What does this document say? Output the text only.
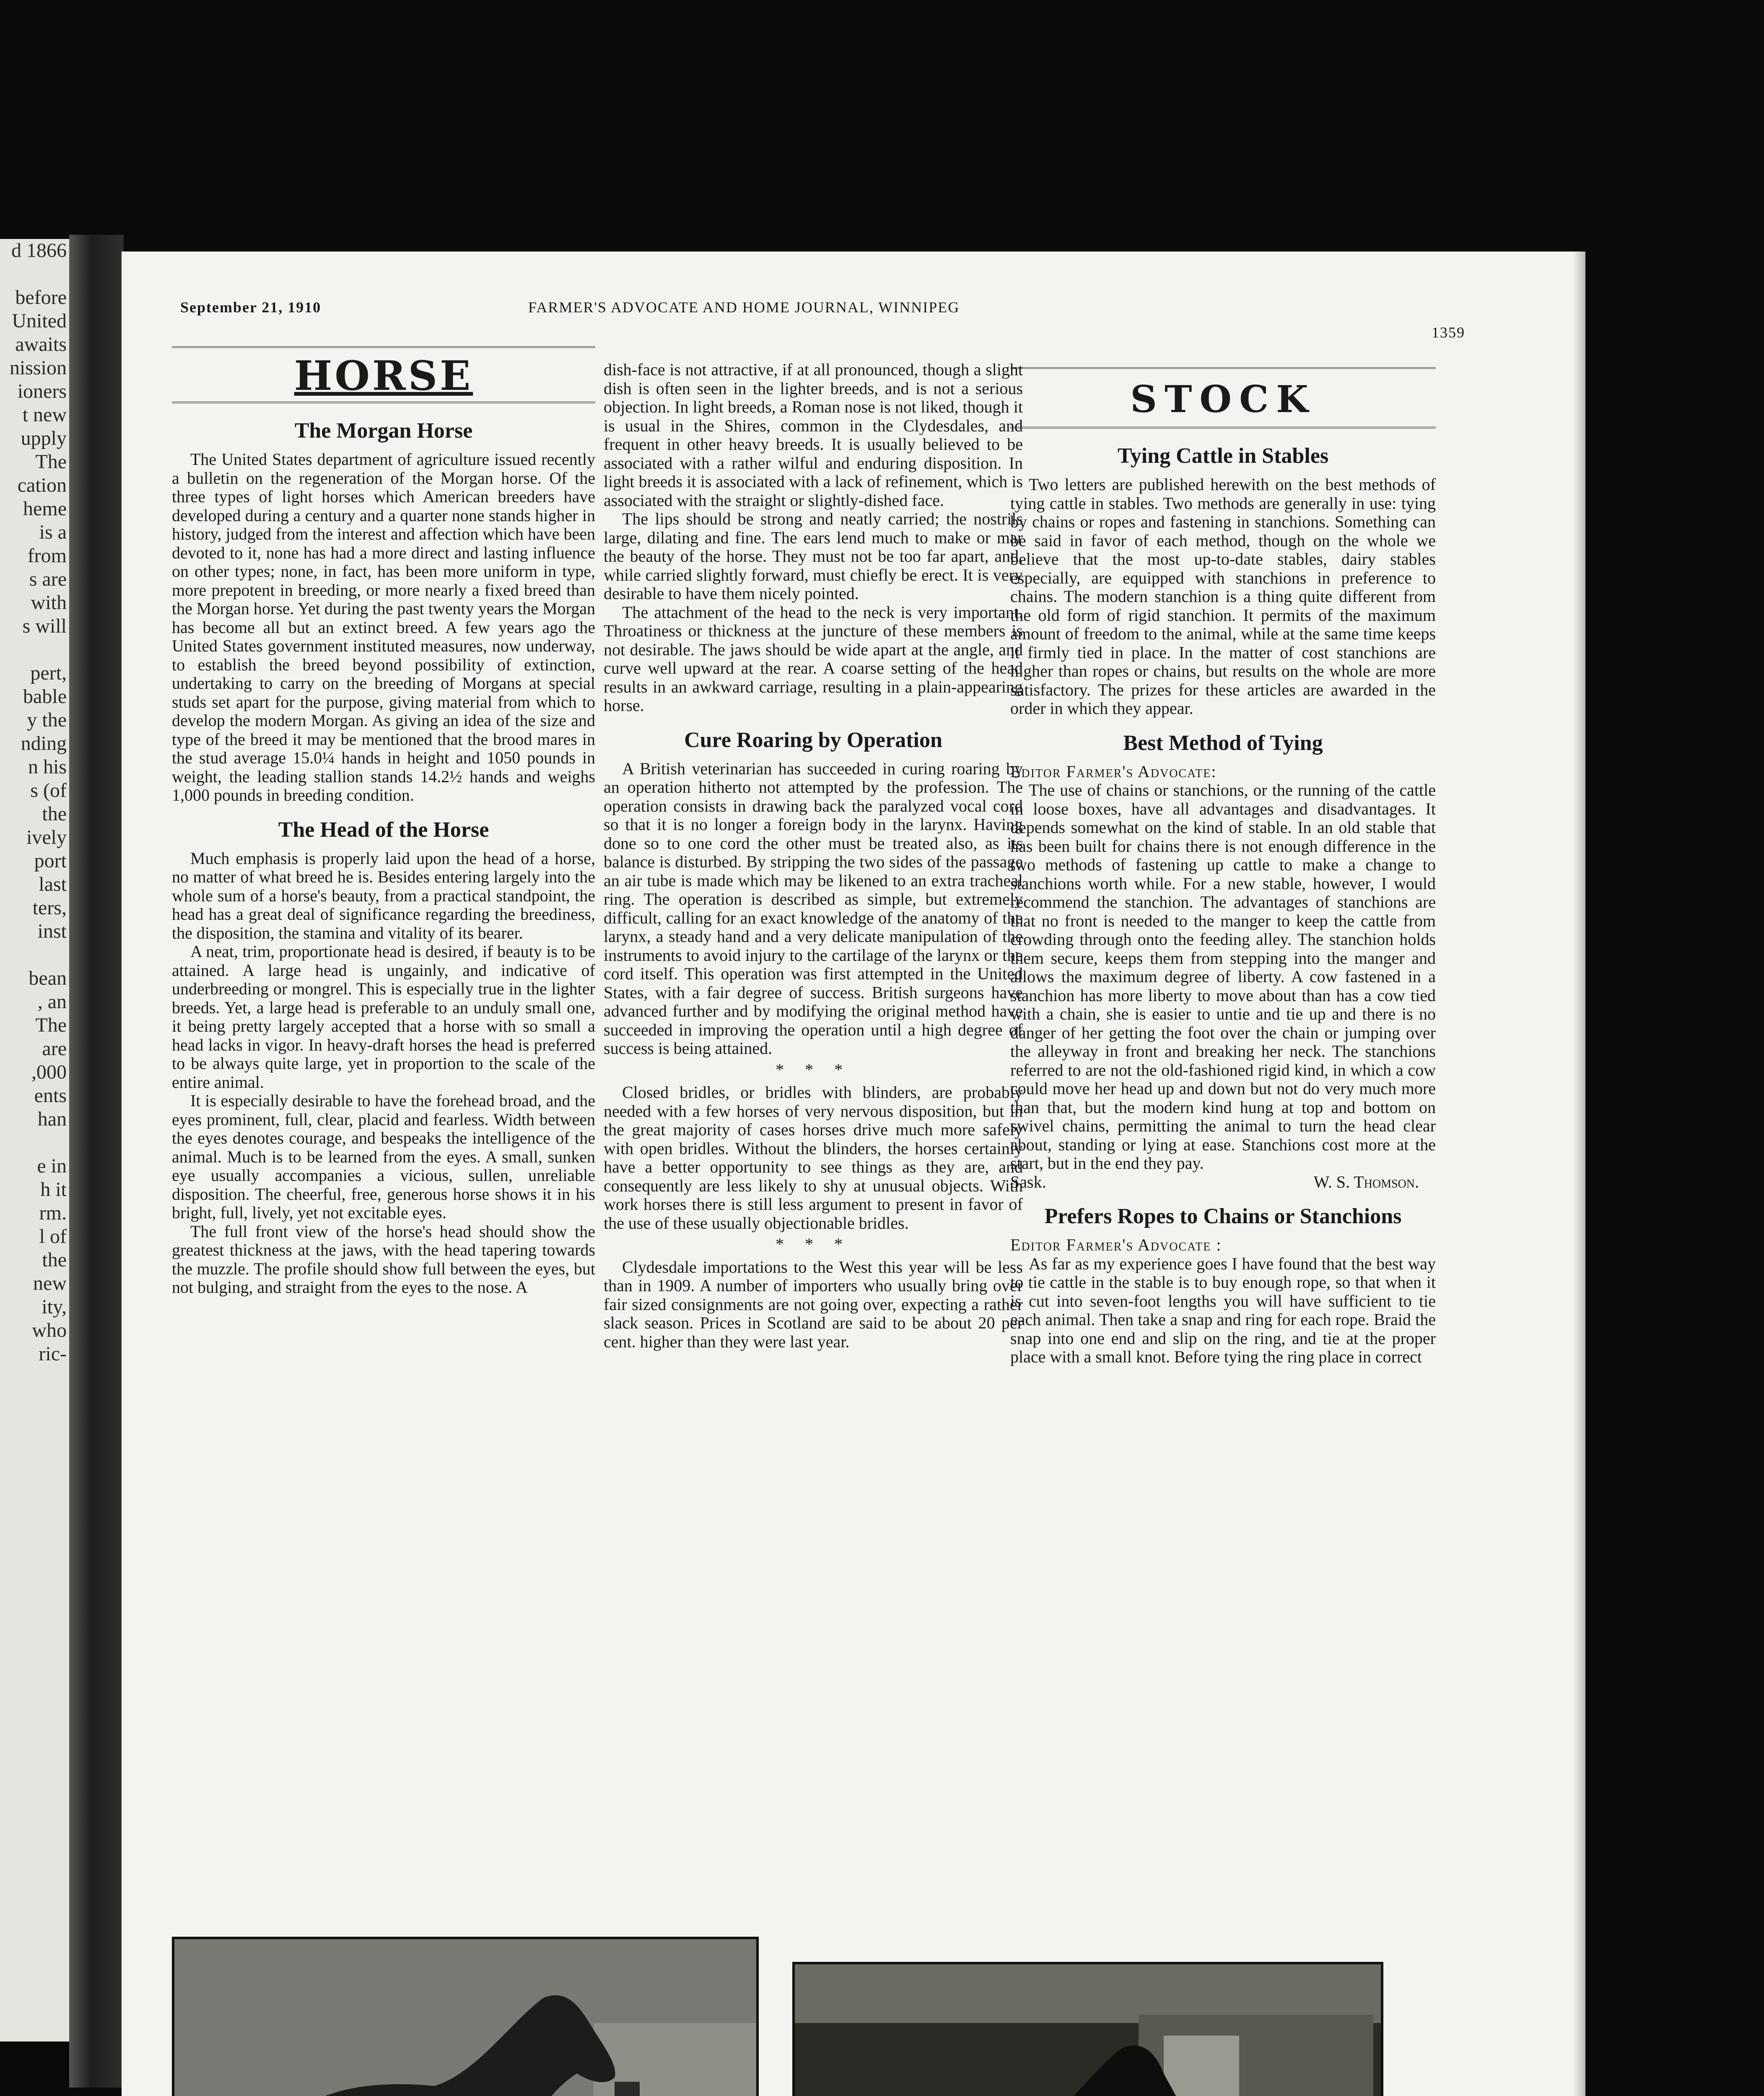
d 1866

before
United
awaits
nission
ioners
t new
upply
The
cation
heme
is a
from
s are
with
s will

pert,
bable
y the
nding
n his
s (of
the
ively
port
last
ters,
inst

bean
, an
The
are
,000
ents
han

e in
h it
rm.
l of
the
new
ity,
who
ric-
September 21, 1910	FARMER'S ADVOCATE AND HOME JOURNAL, WINNIPEG
1359
HORSE
The Morgan Horse

The United States department of agriculture issued recently a bulletin on the regeneration of the Morgan horse. Of the three types of light horses which American breeders have developed during a century and a quarter none stands higher in history, judged from the interest and affection which have been devoted to it, none has had a more direct and lasting influence on other types; none, in fact, has been more uniform in type, more prepotent in breeding, or more nearly a fixed breed than the Morgan horse. Yet during the past twenty years the Morgan has become all but an extinct breed. A few years ago the United States government instituted measures, now underway, to establish the breed beyond possibility of extinction, undertaking to carry on the breeding of Morgans at special studs set apart for the purpose, giving material from which to develop the modern Morgan. As giving an idea of the size and type of the breed it may be mentioned that the brood mares in the stud average 15.0¼ hands in height and 1050 pounds in weight, the leading stallion stands 14.2½ hands and weighs 1,000 pounds in breeding condition.

The Head of the Horse

Much emphasis is properly laid upon the head of a horse, no matter of what breed he is. Besides entering largely into the whole sum of a horse's beauty, from a practical standpoint, the head has a great deal of significance regarding the breediness, the disposition, the stamina and vitality of its bearer.

A neat, trim, proportionate head is desired, if beauty is to be attained. A large head is ungainly, and indicative of underbreeding or mongrel. This is especially true in the lighter breeds. Yet, a large head is preferable to an unduly small one, it being pretty largely accepted that a horse with so small a head lacks in vigor. In heavy-draft horses the head is preferred to be always quite large, yet in proportion to the scale of the entire animal.

It is especially desirable to have the forehead broad, and the eyes prominent, full, clear, placid and fearless. Width between the eyes denotes courage, and bespeaks the intelligence of the animal. Much is to be learned from the eyes. A small, sunken eye usually accompanies a vicious, sullen, unreliable disposition. The cheerful, free, generous horse shows it in his bright, full, lively, yet not excitable eyes.

The full front view of the horse's head should show the greatest thickness at the jaws, with the head tapering towards the muzzle. The profile should show full between the eyes, but not bulging, and straight from the eyes to the nose. A

dish-face is not attractive, if at all pronounced, though a slight dish is often seen in the lighter breeds, and is not a serious objection. In light breeds, a Roman nose is not liked, though it is usual in the Shires, common in the Clydesdales, and frequent in other heavy breeds. It is usually believed to be associated with a rather wilful and enduring disposition. In light breeds it is associated with a lack of refinement, which is associated with the straight or slightly-dished face.

The lips should be strong and neatly carried; the nostrils large, dilating and fine. The ears lend much to make or mar the beauty of the horse. They must not be too far apart, and, while carried slightly forward, must chiefly be erect. It is very desirable to have them nicely pointed.

The attachment of the head to the neck is very important. Throatiness or thickness at the juncture of these members is not desirable. The jaws should be wide apart at the angle, and curve well upward at the rear. A coarse setting of the head results in an awkward carriage, resulting in a plain-appearing horse.

Cure Roaring by Operation

A British veterinarian has succeeded in curing roaring by an operation hitherto not attempted by the profession. The operation consists in drawing back the paralyzed vocal cord so that it is no longer a foreign body in the larynx. Having done so to one cord the other must be treated also, as its balance is disturbed. By stripping the two sides of the passage an air tube is made which may be likened to an extra tracheal ring. The operation is described as simple, but extremely difficult, calling for an exact knowledge of the anatomy of the larynx, a steady hand and a very delicate manipulation of the instruments to avoid injury to the cartilage of the larynx or the cord itself. This operation was first attempted in the United States, with a fair degree of success. British surgeons have advanced further and by modifying the original method have succeeded in improving the operation until a high degree of success is being attained.

* * *

Closed bridles, or bridles with blinders, are probably needed with a few horses of very nervous disposition, but in the great majority of cases horses drive much more safely with open bridles. Without the blinders, the horses certainly have a better opportunity to see things as they are, and consequently are less likely to shy at unusual objects. With work horses there is still less argument to present in favor of the use of these usually objectionable bridles.

* * *

Clydesdale importations to the West this year will be less than in 1909. A number of importers who usually bring over fair sized consignments are not going over, expecting a rather slack season. Prices in Scotland are said to be about 20 per cent. higher than they were last year.

STOCK
Tying Cattle in Stables

Two letters are published herewith on the best methods of tying cattle in stables. Two methods are generally in use: tying by chains or ropes and fastening in stanchions. Something can be said in favor of each method, though on the whole we believe that the most up-to-date stables, dairy stables especially, are equipped with stanchions in preference to chains. The modern stanchion is a thing quite different from the old form of rigid stanchion. It permits of the maximum amount of freedom to the animal, while at the same time keeps it firmly tied in place. In the matter of cost stanchions are higher than ropes or chains, but results on the whole are more satisfactory. The prizes for these articles are awarded in the order in which they appear.

Best Method of Tying
Editor Farmer's Advocate:

The use of chains or stanchions, or the running of the cattle in loose boxes, have all advantages and disadvantages. It depends somewhat on the kind of stable. In an old stable that has been built for chains there is not enough difference in the two methods of fastening up cattle to make a change to stanchions worth while. For a new stable, however, I would recommend the stanchion. The advantages of stanchions are that no front is needed to the manger to keep the cattle from crowding through onto the feeding alley. The stanchion holds them secure, keeps them from stepping into the manger and allows the maximum degree of liberty. A cow fastened in a stanchion has more liberty to move about than has a cow tied with a chain, she is easier to untie and tie up and there is no danger of her getting the foot over the chain or jumping over the alleyway in front and breaking her neck. The stanchions referred to are not the old-fashioned rigid kind, in which a cow could move her head up and down but not do very much more than that, but the modern kind hung at top and bottom on swivel chains, permitting the animal to turn the head clear about, standing or lying at ease. Stanchions cost more at the start, but in the end they pay.

Sask.	W. S. Thomson.

Prefers Ropes to Chains or Stanchions
Editor Farmer's Advocate :

As far as my experience goes I have found that the best way to tie cattle in the stable is to buy enough rope, so that when it is cut into seven-foot lengths you will have sufficient to tie each animal. Then take a snap and ring for each rope. Braid the snap into one end and slip on the ring, and tie at the proper place with a small knot. Before tying the ring place in correct
